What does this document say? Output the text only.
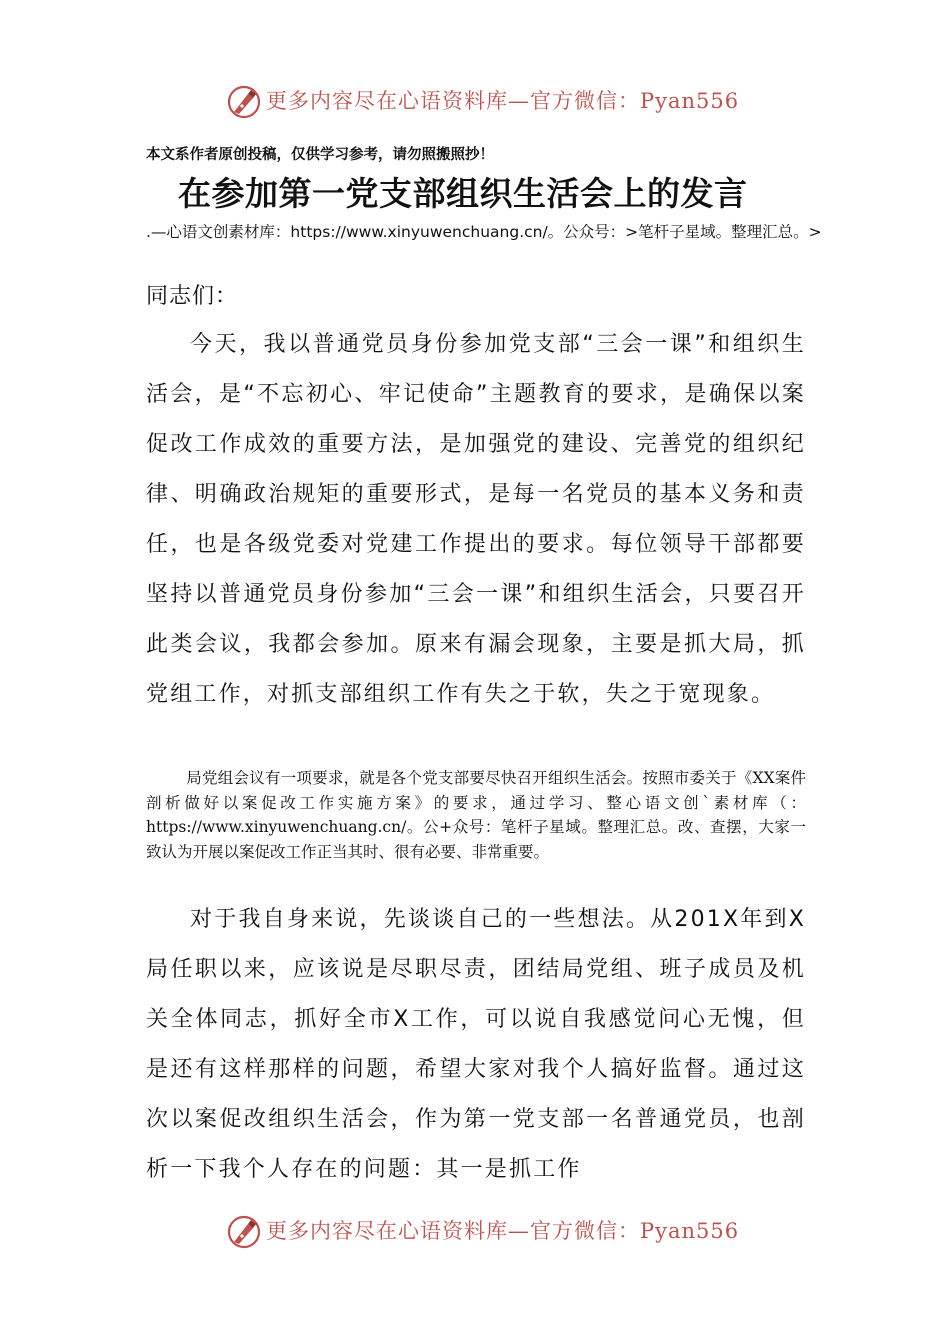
更多内容尽在心语资料库—官方微信：Pyan556
本文系作者原创投稿，仅供学习参考，请勿照搬照抄！
在参加第一党支部组织生活会上的发言
.—心语文创素材库：https://www.xinyuwenchuang.cn/。公众号：>笔杆子星域。整理汇总。>
同志们：

今天，我以普通党员身份参加党支部“三会一课”和组织生活会，是“不忘初心、牢记使命”主题教育的要求，是确保以案促改工作成效的重要方法，是加强党的建设、完善党的组织纪律、明确政治规矩的重要形式，是每一名党员的基本义务和责任，也是各级党委对党建工作提出的要求。每位领导干部都要坚持以普通党员身份参加“三会一课”和组织生活会，只要召开此类会议，我都会参加。原来有漏会现象，主要是抓大局，抓党组工作，对抓支部组织工作有失之于软，失之于宽现象。

局党组会议有一项要求，就是各个党支部要尽快召开组织生活会。按照市委关于《XX案件剖析做好以案促改工作实施方案》的要求，通过学习、整心语文创`素材库（：https://www.xinyuwenchuang.cn/。公+众号：笔杆子星域。整理汇总。改、查摆，大家一致认为开展以案促改工作正当其时、很有必要、非常重要。

对于我自身来说，先谈谈自己的一些想法。从201X年到X局任职以来，应该说是尽职尽责，团结局党组、班子成员及机关全体同志，抓好全市X工作，可以说自我感觉问心无愧，但是还有这样那样的问题，希望大家对我个人搞好监督。通过这次以案促改组织生活会，作为第一党支部一名普通党员，也剖析一下我个人存在的问题：其一是抓工作

更多内容尽在心语资料库—官方微信：Pyan556
